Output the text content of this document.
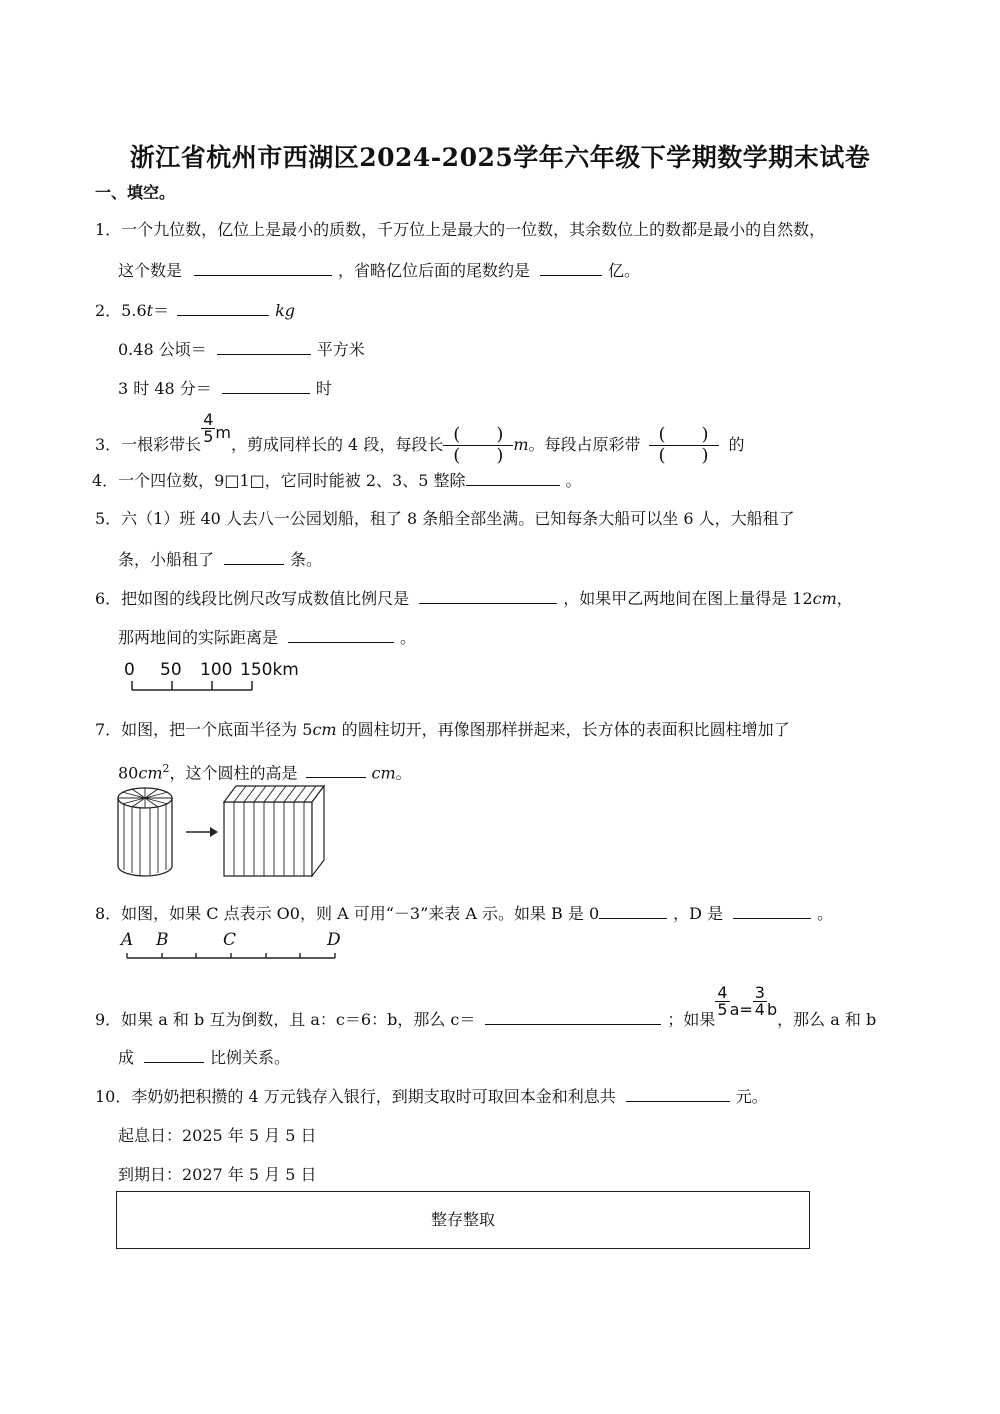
浙江省杭州市西湖区2024-2025学年六年级下学期数学期末试卷
一、填空。
1．一个九位数，亿位上是最小的质数，千万位上是最大的一位数，其余数位上的数都是最小的自然数，
这个数是	，省略亿位后面的尾数约是	亿。
2．5.6t＝	kg
0.48 公顷＝	平方米
3 时 48 分＝	时
3．一根彩带长 $\frac{4}{5}$ m，剪成同样长的 4 段，每段长 $\frac{( )}{( )}$ m。每段占原彩带 $\frac{( )}{( )}$ 的
4．一个四位数，9□1□，它同时能被 2、3、5 整除	。
5．六（1）班 40 人去八一公园划船，租了 8 条船全部坐满。已知每条大船可以坐 6 人，大船租了
条，小船租了	条。
6．把如图的线段比例尺改写成数值比例尺是	，如果甲乙两地间在图上量得是 12cm，
那两地间的实际距离是	。
0 50 100 150km
7．如图，把一个底面半径为 5cm 的圆柱切开，再像图那样拼起来，长方体的表面积比圆柱增加了
$80cm^2$，这个圆柱的高是	cm。
8．如图，如果 C 点表示 O0，则 A 可用“－3”来表 A 示。如果 B 是 0	，D 是	。
A B	C	D
9．如果 a 和 b 互为倒数，且 a：c＝6：b，那么 c＝	；如果
$\frac{4}{5} a= \frac{3}{4}$ b，那么 a 和 b
成	比例关系。
10．李奶奶把积攒的 4 万元钱存入银行，到期支取时可取回本金和利息共	元。
起息日：2025 年 5 月 5 日
到期日：2027 年 5 月 5 日
整存整取
